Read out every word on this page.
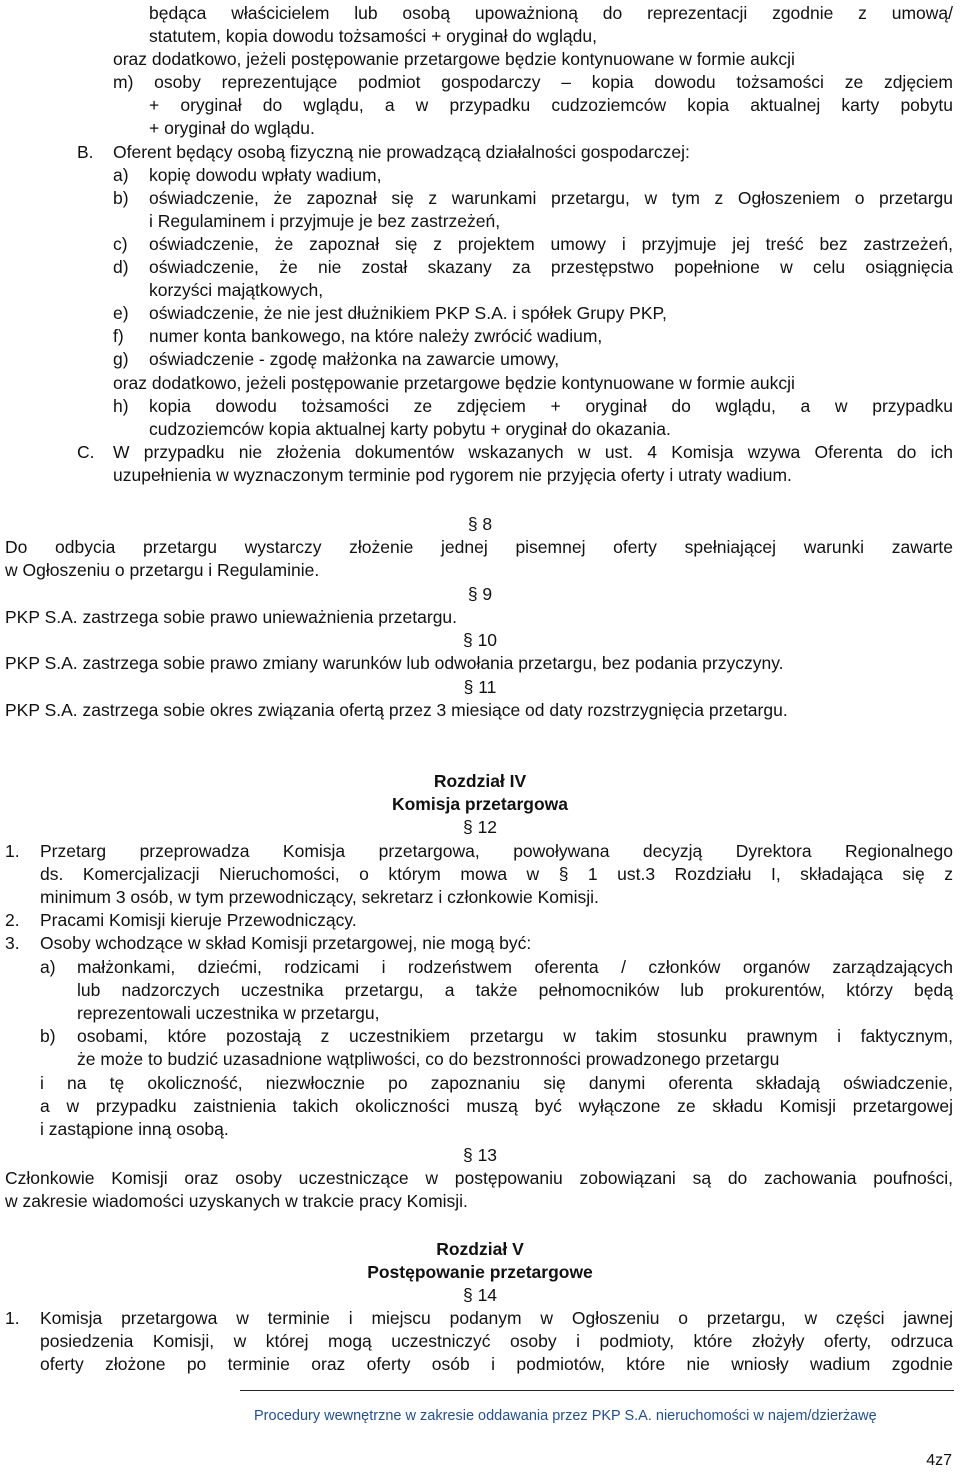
będąca właścicielem lub osobą upoważnioną do reprezentacji zgodnie z umową/
statutem, kopia dowodu tożsamości + oryginał do wglądu,
oraz dodatkowo, jeżeli postępowanie przetargowe będzie kontynuowane w formie aukcji
m) osoby reprezentujące podmiot gospodarczy – kopia dowodu tożsamości ze zdjęciem
+ oryginał do wglądu, a w przypadku cudzoziemców kopia aktualnej karty pobytu
+ oryginał do wglądu.
B. Oferent będący osobą fizyczną nie prowadzącą działalności gospodarczej:
a) kopię dowodu wpłaty wadium,
b) oświadczenie, że zapoznał się z warunkami przetargu, w tym z Ogłoszeniem o przetargu
i Regulaminem i przyjmuje je bez zastrzeżeń,
c) oświadczenie, że zapoznał się z projektem umowy i przyjmuje jej treść bez zastrzeżeń,
d) oświadczenie, że nie został skazany za przestępstwo popełnione w celu osiągnięcia
korzyści majątkowych,
e) oświadczenie, że nie jest dłużnikiem PKP S.A. i spółek Grupy PKP,
f) numer konta bankowego, na które należy zwrócić wadium,
g) oświadczenie - zgodę małżonka na zawarcie umowy,
oraz dodatkowo, jeżeli postępowanie przetargowe będzie kontynuowane w formie aukcji
h) kopia dowodu tożsamości ze zdjęciem + oryginał do wglądu, a w przypadku
cudzoziemców kopia aktualnej karty pobytu + oryginał do okazania.
C. W przypadku nie złożenia dokumentów wskazanych w ust. 4 Komisja wzywa Oferenta do ich
uzupełnienia w wyznaczonym terminie pod rygorem nie przyjęcia oferty i utraty wadium.
§ 8
Do odbycia przetargu wystarczy złożenie jednej pisemnej oferty spełniającej warunki zawarte
w Ogłoszeniu o przetargu i Regulaminie.
§ 9
PKP S.A. zastrzega sobie prawo unieważnienia przetargu.
§ 10
PKP S.A. zastrzega sobie prawo zmiany warunków lub odwołania przetargu, bez podania przyczyny.
§ 11
PKP S.A. zastrzega sobie okres związania ofertą przez 3 miesiące od daty rozstrzygnięcia przetargu.
Rozdział IV
Komisja przetargowa
§ 12
1. Przetarg przeprowadza Komisja przetargowa, powoływana decyzją Dyrektora Regionalnego
ds. Komercjalizacji Nieruchomości, o którym mowa w § 1 ust.3 Rozdziału I, składająca się z
minimum 3 osób, w tym przewodniczący, sekretarz i członkowie Komisji.
2. Pracami Komisji kieruje Przewodniczący.
3. Osoby wchodzące w skład Komisji przetargowej, nie mogą być:
a) małżonkami, dziećmi, rodzicami i rodzeństwem oferenta / członków organów zarządzających
lub nadzorczych uczestnika przetargu, a także pełnomocników lub prokurentów, którzy będą
reprezentowali uczestnika w przetargu,
b) osobami, które pozostają z uczestnikiem przetargu w takim stosunku prawnym i faktycznym,
że może to budzić uzasadnione wątpliwości, co do bezstronności prowadzonego przetargu
i na tę okoliczność, niezwłocznie po zapoznaniu się danymi oferenta składają oświadczenie,
a w przypadku zaistnienia takich okoliczności muszą być wyłączone ze składu Komisji przetargowej
i zastąpione inną osobą.
§ 13
Członkowie Komisji oraz osoby uczestniczące w postępowaniu zobowiązani są do zachowania poufności,
w zakresie wiadomości uzyskanych w trakcie pracy Komisji.
Rozdział V
Postępowanie przetargowe
§ 14
1. Komisja przetargowa w terminie i miejscu podanym w Ogłoszeniu o przetargu, w części jawnej
posiedzenia Komisji, w której mogą uczestniczyć osoby i podmioty, które złożyły oferty, odrzuca
oferty złożone po terminie oraz oferty osób i podmiotów, które nie wniosły wadium zgodnie
Procedury wewnętrzne w zakresie oddawania przez PKP S.A. nieruchomości w najem/dzierżawę
4z7
